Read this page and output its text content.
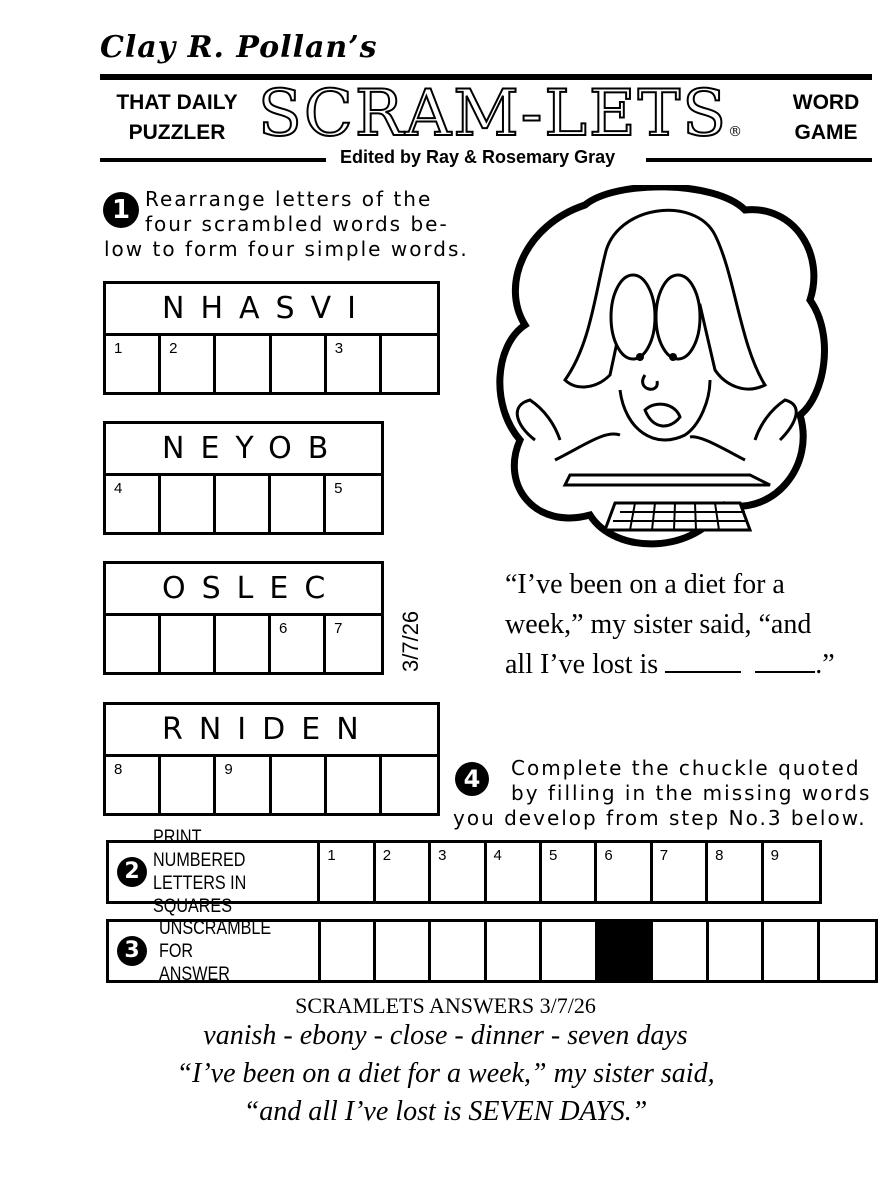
Clay R. Pollan’s
THAT DAILY
PUZZLER SCRAM-LETS®
WORD
GAME
Edited by Ray & Rosemary Gray
1 Rearrange letters of the
four scrambled words be-
low to form four simple words.
NHASVI
1	2	3
NEYOB
4	5
OSLEC
6	7	3/7/26
RNIDEN
8	9
“I’ve been on a diet for a
week,” my sister said, “and
all I’ve lost is	.”
4	Complete the chuckle quoted
by filling in the missing words
you develop from step No.3 below.
2
PRINT NUMBERED
LETTERS IN SQUARES
1	2	3	4	5	6	7	8	9
3
UNSCRAMBLE FOR
ANSWER
SCRAMLETS ANSWERS 3/7/26
vanish - ebony - close - dinner - seven days
“I’ve been on a diet for a week,” my sister said,
“and all I’ve lost is SEVEN DAYS.”
